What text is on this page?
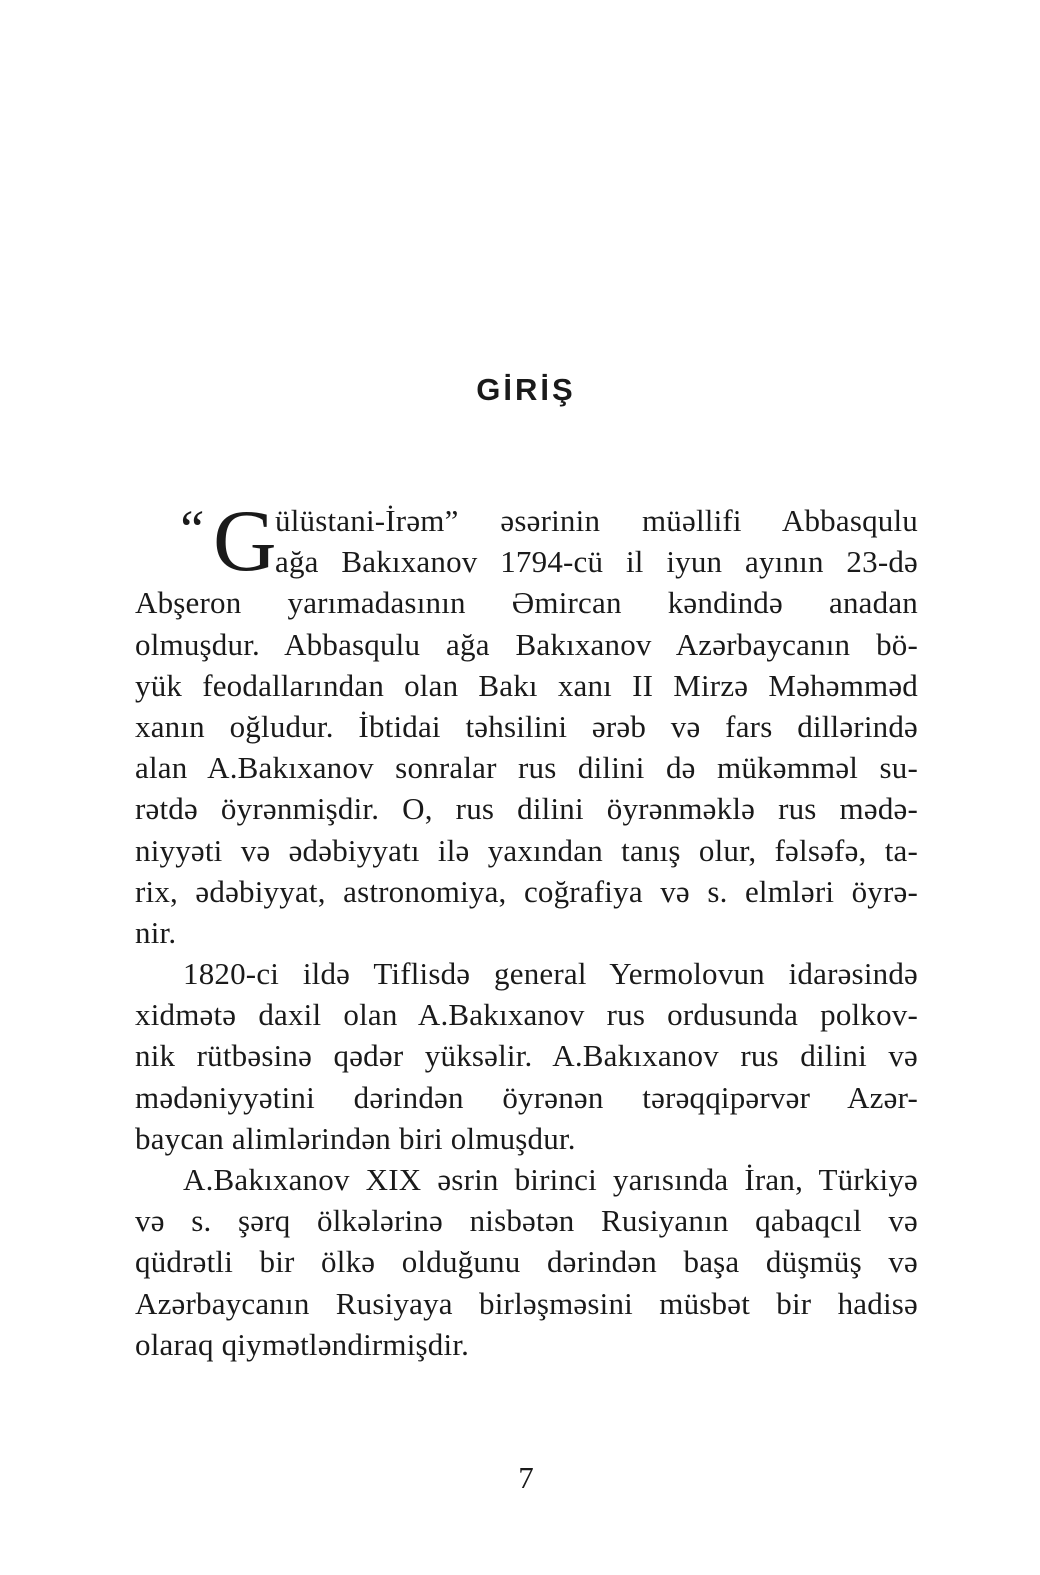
GİRİŞ
“ G
ülüstani-İrəm” əsərinin müəllifi Abbasqulu
ağa Bakıxanov 1794-cü il iyun ayının 23-də
Abşeron yarımadasının Əmircan kəndində anadan
olmuşdur. Abbasqulu ağa Bakıxanov Azərbaycanın bö-
yük feodallarından olan Bakı xanı II Mirzə Məhəmməd
xanın oğludur. İbtidai təhsilini ərəb və fars dillərində
alan A.Bakıxanov sonralar rus dilini də mükəmməl su-
rətdə öyrənmişdir. O, rus dilini öyrənməklə rus mədə-
niyyəti və ədəbiyyatı ilə yaxından tanış olur, fəlsəfə, ta-
rix, ədəbiyyat, astronomiya, coğrafiya və s. elmləri öyrə-
nir.
1820-ci ildə Tiflisdə general Yermolovun idarəsində
xidmətə daxil olan A.Bakıxanov rus ordusunda polkov-
nik rütbəsinə qədər yüksəlir. A.Bakıxanov rus dilini və
mədəniyyətini dərindən öyrənən tərəqqipərvər Azər-
baycan alimlərindən biri olmuşdur.
A.Bakıxanov XIX əsrin birinci yarısında İran, Türkiyə
və s. şərq ölkələrinə nisbətən Rusiyanın qabaqcıl və
qüdrətli bir ölkə olduğunu dərindən başa düşmüş və
Azərbaycanın Rusiyaya birləşməsini müsbət bir hadisə
olaraq qiymətləndirmişdir.

7
